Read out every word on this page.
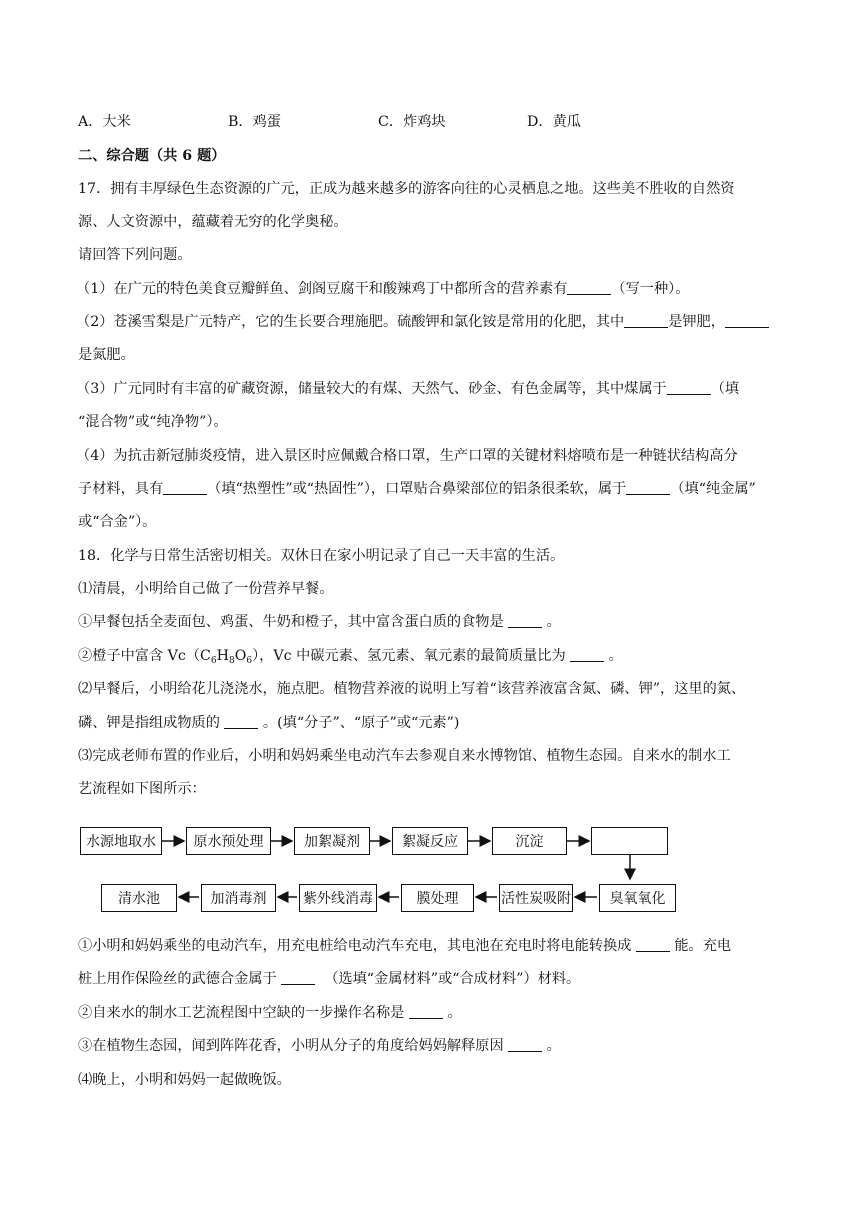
A．大米	B．鸡蛋	C．炸鸡块	D．黄瓜
二、综合题（共 6 题）
17．拥有丰厚绿色生态资源的广元，正成为越来越多的游客向往的心灵栖息之地。这些美不胜收的自然资
源、人文资源中，蕴藏着无穷的化学奥秘。
请回答下列问题。
（1）在广元的特色美食豆瓣鲜鱼、剑阁豆腐干和酸辣鸡丁中都所含的营养素有	（写一种）。
（2）苍溪雪梨是广元特产，它的生长要合理施肥。硫酸钾和氯化铵是常用的化肥，其中	是钾肥，
是氮肥。
（3）广元同时有丰富的矿藏资源，储量较大的有煤、天然气、砂金、有色金属等，其中煤属于	（填
“混合物”或“纯净物”）。
（4）为抗击新冠肺炎疫情，进入景区时应佩戴合格口罩，生产口罩的关键材料熔喷布是一种链状结构高分
子材料，具有	（填“热塑性”或“热固性”），口罩贴合鼻梁部位的铝条很柔软，属于	（填“纯金属”
或“合金”）。
18．化学与日常生活密切相关。双休日在家小明记录了自己一天丰富的生活。
⑴清晨，小明给自己做了一份营养早餐。
①早餐包括全麦面包、鸡蛋、牛奶和橙子，其中富含蛋白质的食物是	。
②橙子中富含 $Vc(C_6H_8O_6)$，Vc 中碳元素、氢元素、氧元素的最简质量比为	。
⑵早餐后，小明给花儿浇浇水，施点肥。植物营养液的说明上写着“该营养液富含氮、磷、钾”，这里的氮、
磷、钾是指组成物质的	。(填“分子”、“原子”或“元素”)
⑶完成老师布置的作业后，小明和妈妈乘坐电动汽车去参观自来水博物馆、植物生态园。自来水的制水工
艺流程如下图所示：
水源地取水	原水预处理	加絮凝剂	絮凝反应	沉淀
清水池	加消毒剂	紫外线消毒	膜处理	活性炭吸附	臭氧氧化
①小明和妈妈乘坐的电动汽车，用充电桩给电动汽车充电，其电池在充电时将电能转换成	能。充电
桩上用作保险丝的武德合金属于	（选填“金属材料”或“合成材料”）材料。
②自来水的制水工艺流程图中空缺的一步操作名称是	。
③在植物生态园，闻到阵阵花香，小明从分子的角度给妈妈解释原因	。
⑷晚上，小明和妈妈一起做晚饭。
